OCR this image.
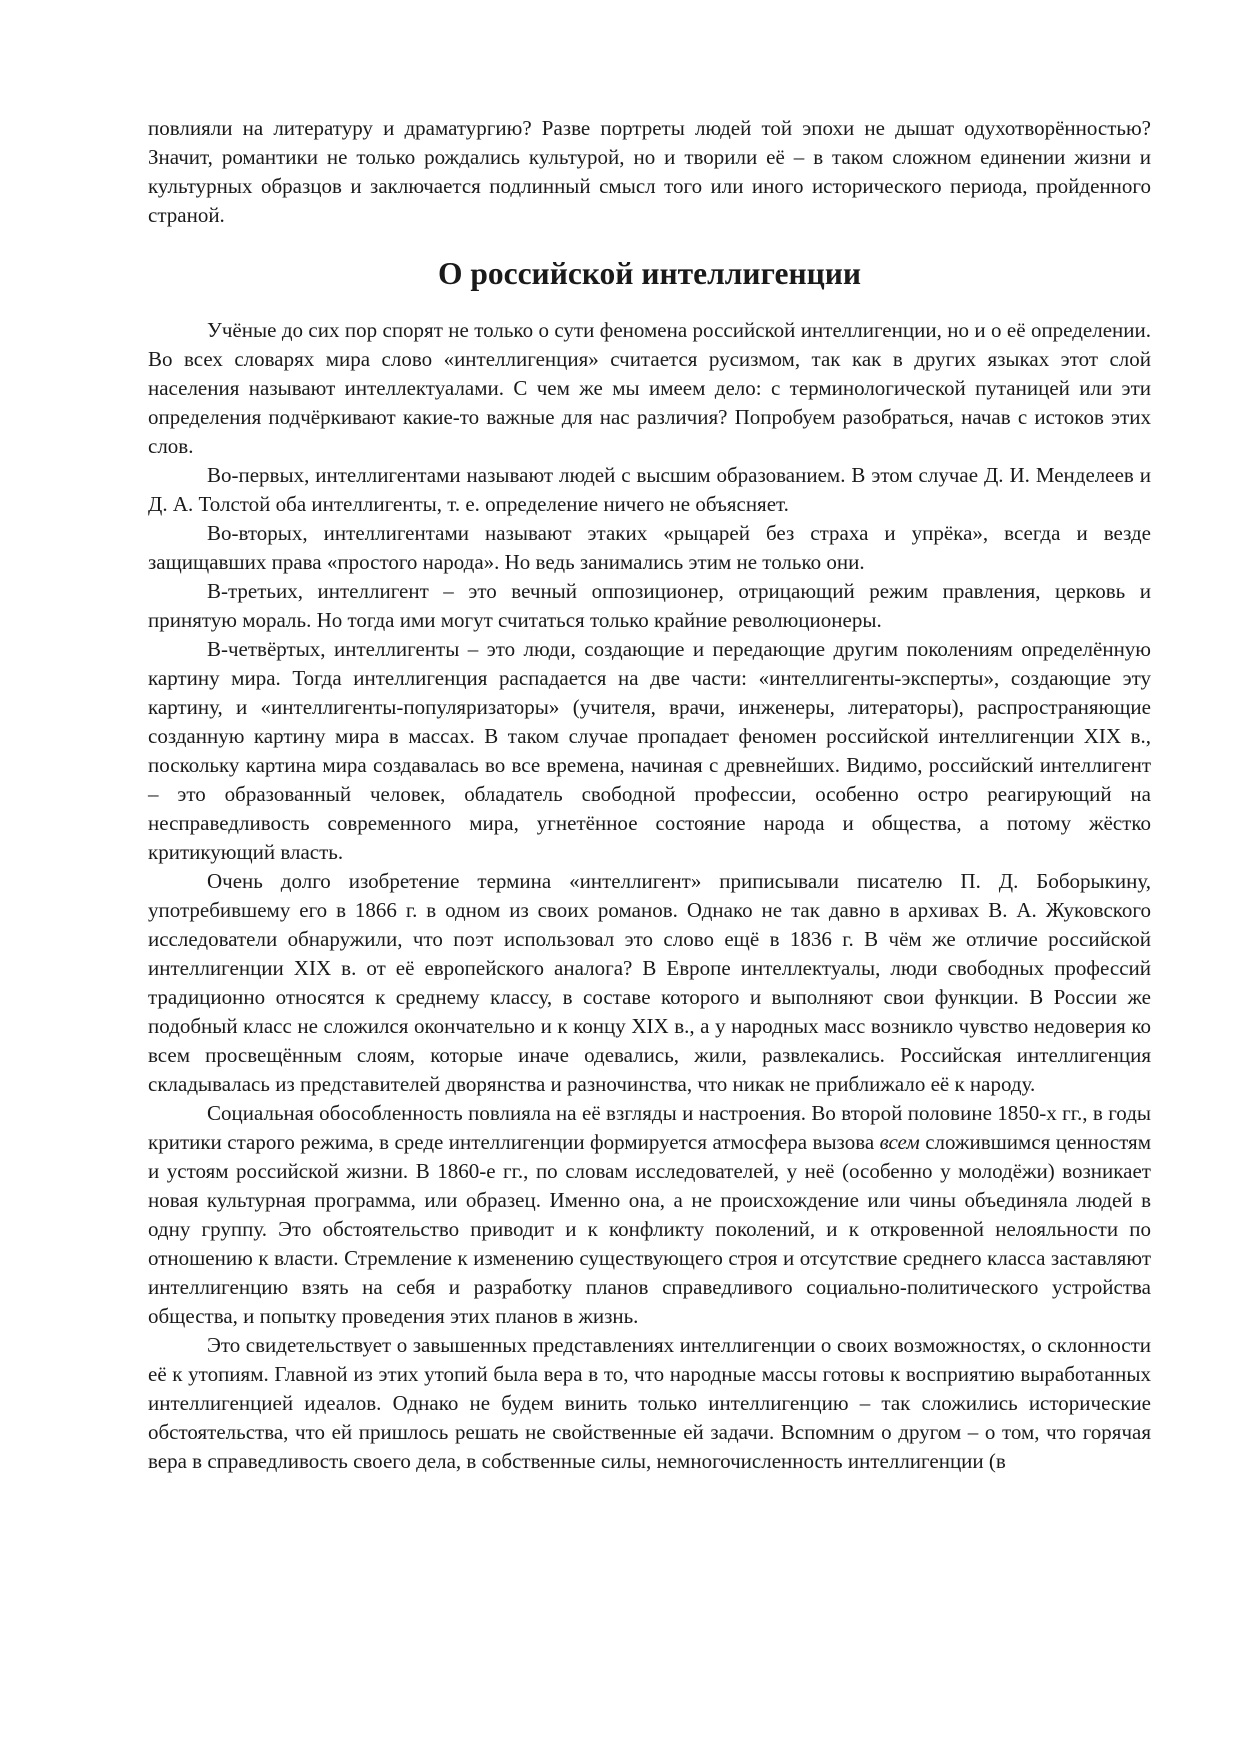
повлияли на литературу и драматургию? Разве портреты людей той эпохи не дышат одухотворённостью? Значит, романтики не только рождались культурой, но и творили её – в таком сложном единении жизни и культурных образцов и заключается подлинный смысл того или иного исторического периода, пройденного страной.

О российской интеллигенции

Учёные до сих пор спорят не только о сути феномена российской интеллигенции, но и о её определении. Во всех словарях мира слово «интеллигенция» считается русизмом, так как в других языках этот слой населения называют интеллектуалами. С чем же мы имеем дело: с терминологической путаницей или эти определения подчёркивают какие-то важные для нас различия? Попробуем разобраться, начав с истоков этих слов.

Во-первых, интеллигентами называют людей с высшим образованием. В этом случае Д. И. Менделеев и Д. А. Толстой оба интеллигенты, т. е. определение ничего не объясняет.

Во-вторых, интеллигентами называют этаких «рыцарей без страха и упрёка», всегда и везде защищавших права «простого народа». Но ведь занимались этим не только они.

В-третьих, интеллигент – это вечный оппозиционер, отрицающий режим правления, церковь и принятую мораль. Но тогда ими могут считаться только крайние революционеры.

В-четвёртых, интеллигенты – это люди, создающие и передающие другим поколениям определённую картину мира. Тогда интеллигенция распадается на две части: «интеллигенты-эксперты», создающие эту картину, и «интеллигенты-популяризаторы» (учителя, врачи, инженеры, литераторы), распространяющие созданную картину мира в массах. В таком случае пропадает феномен российской интеллигенции XIX в., поскольку картина мира создавалась во все времена, начиная с древнейших. Видимо, российский интеллигент – это образованный человек, обладатель свободной профессии, особенно остро реагирующий на несправедливость современного мира, угнетённое состояние народа и общества, а потому жёстко критикующий власть.

Очень долго изобретение термина «интеллигент» приписывали писателю П. Д. Боборыкину, употребившему его в 1866 г. в одном из своих романов. Однако не так давно в архивах В. А. Жуковского исследователи обнаружили, что поэт использовал это слово ещё в 1836 г. В чём же отличие российской интеллигенции XIX в. от её европейского аналога? В Европе интеллектуалы, люди свободных профессий традиционно относятся к среднему классу, в составе которого и выполняют свои функции. В России же подобный класс не сложился окончательно и к концу XIX в., а у народных масс возникло чувство недоверия ко всем просвещённым слоям, которые иначе одевались, жили, развлекались. Российская интеллигенция складывалась из представителей дворянства и разночинства, что никак не приближало её к народу.

Социальная обособленность повлияла на её взгляды и настроения. Во второй половине 1850-х гг., в годы критики старого режима, в среде интеллигенции формируется атмосфера вызова всем сложившимся ценностям и устоям российской жизни. В 1860-е гг., по словам исследователей, у неё (особенно у молодёжи) возникает новая культурная программа, или образец. Именно она, а не происхождение или чины объединяла людей в одну группу. Это обстоятельство приводит и к конфликту поколений, и к откровенной нелояльности по отношению к власти. Стремление к изменению существующего строя и отсутствие среднего класса заставляют интеллигенцию взять на себя и разработку планов справедливого социально-политического устройства общества, и попытку проведения этих планов в жизнь.

Это свидетельствует о завышенных представлениях интеллигенции о своих возможностях, о склонности её к утопиям. Главной из этих утопий была вера в то, что народные массы готовы к восприятию выработанных интеллигенцией идеалов. Однако не будем винить только интеллигенцию – так сложились исторические обстоятельства, что ей пришлось решать не свойственные ей задачи. Вспомним о другом – о том, что горячая вера в справедливость своего дела, в собственные силы, немногочисленность интеллигенции (в
